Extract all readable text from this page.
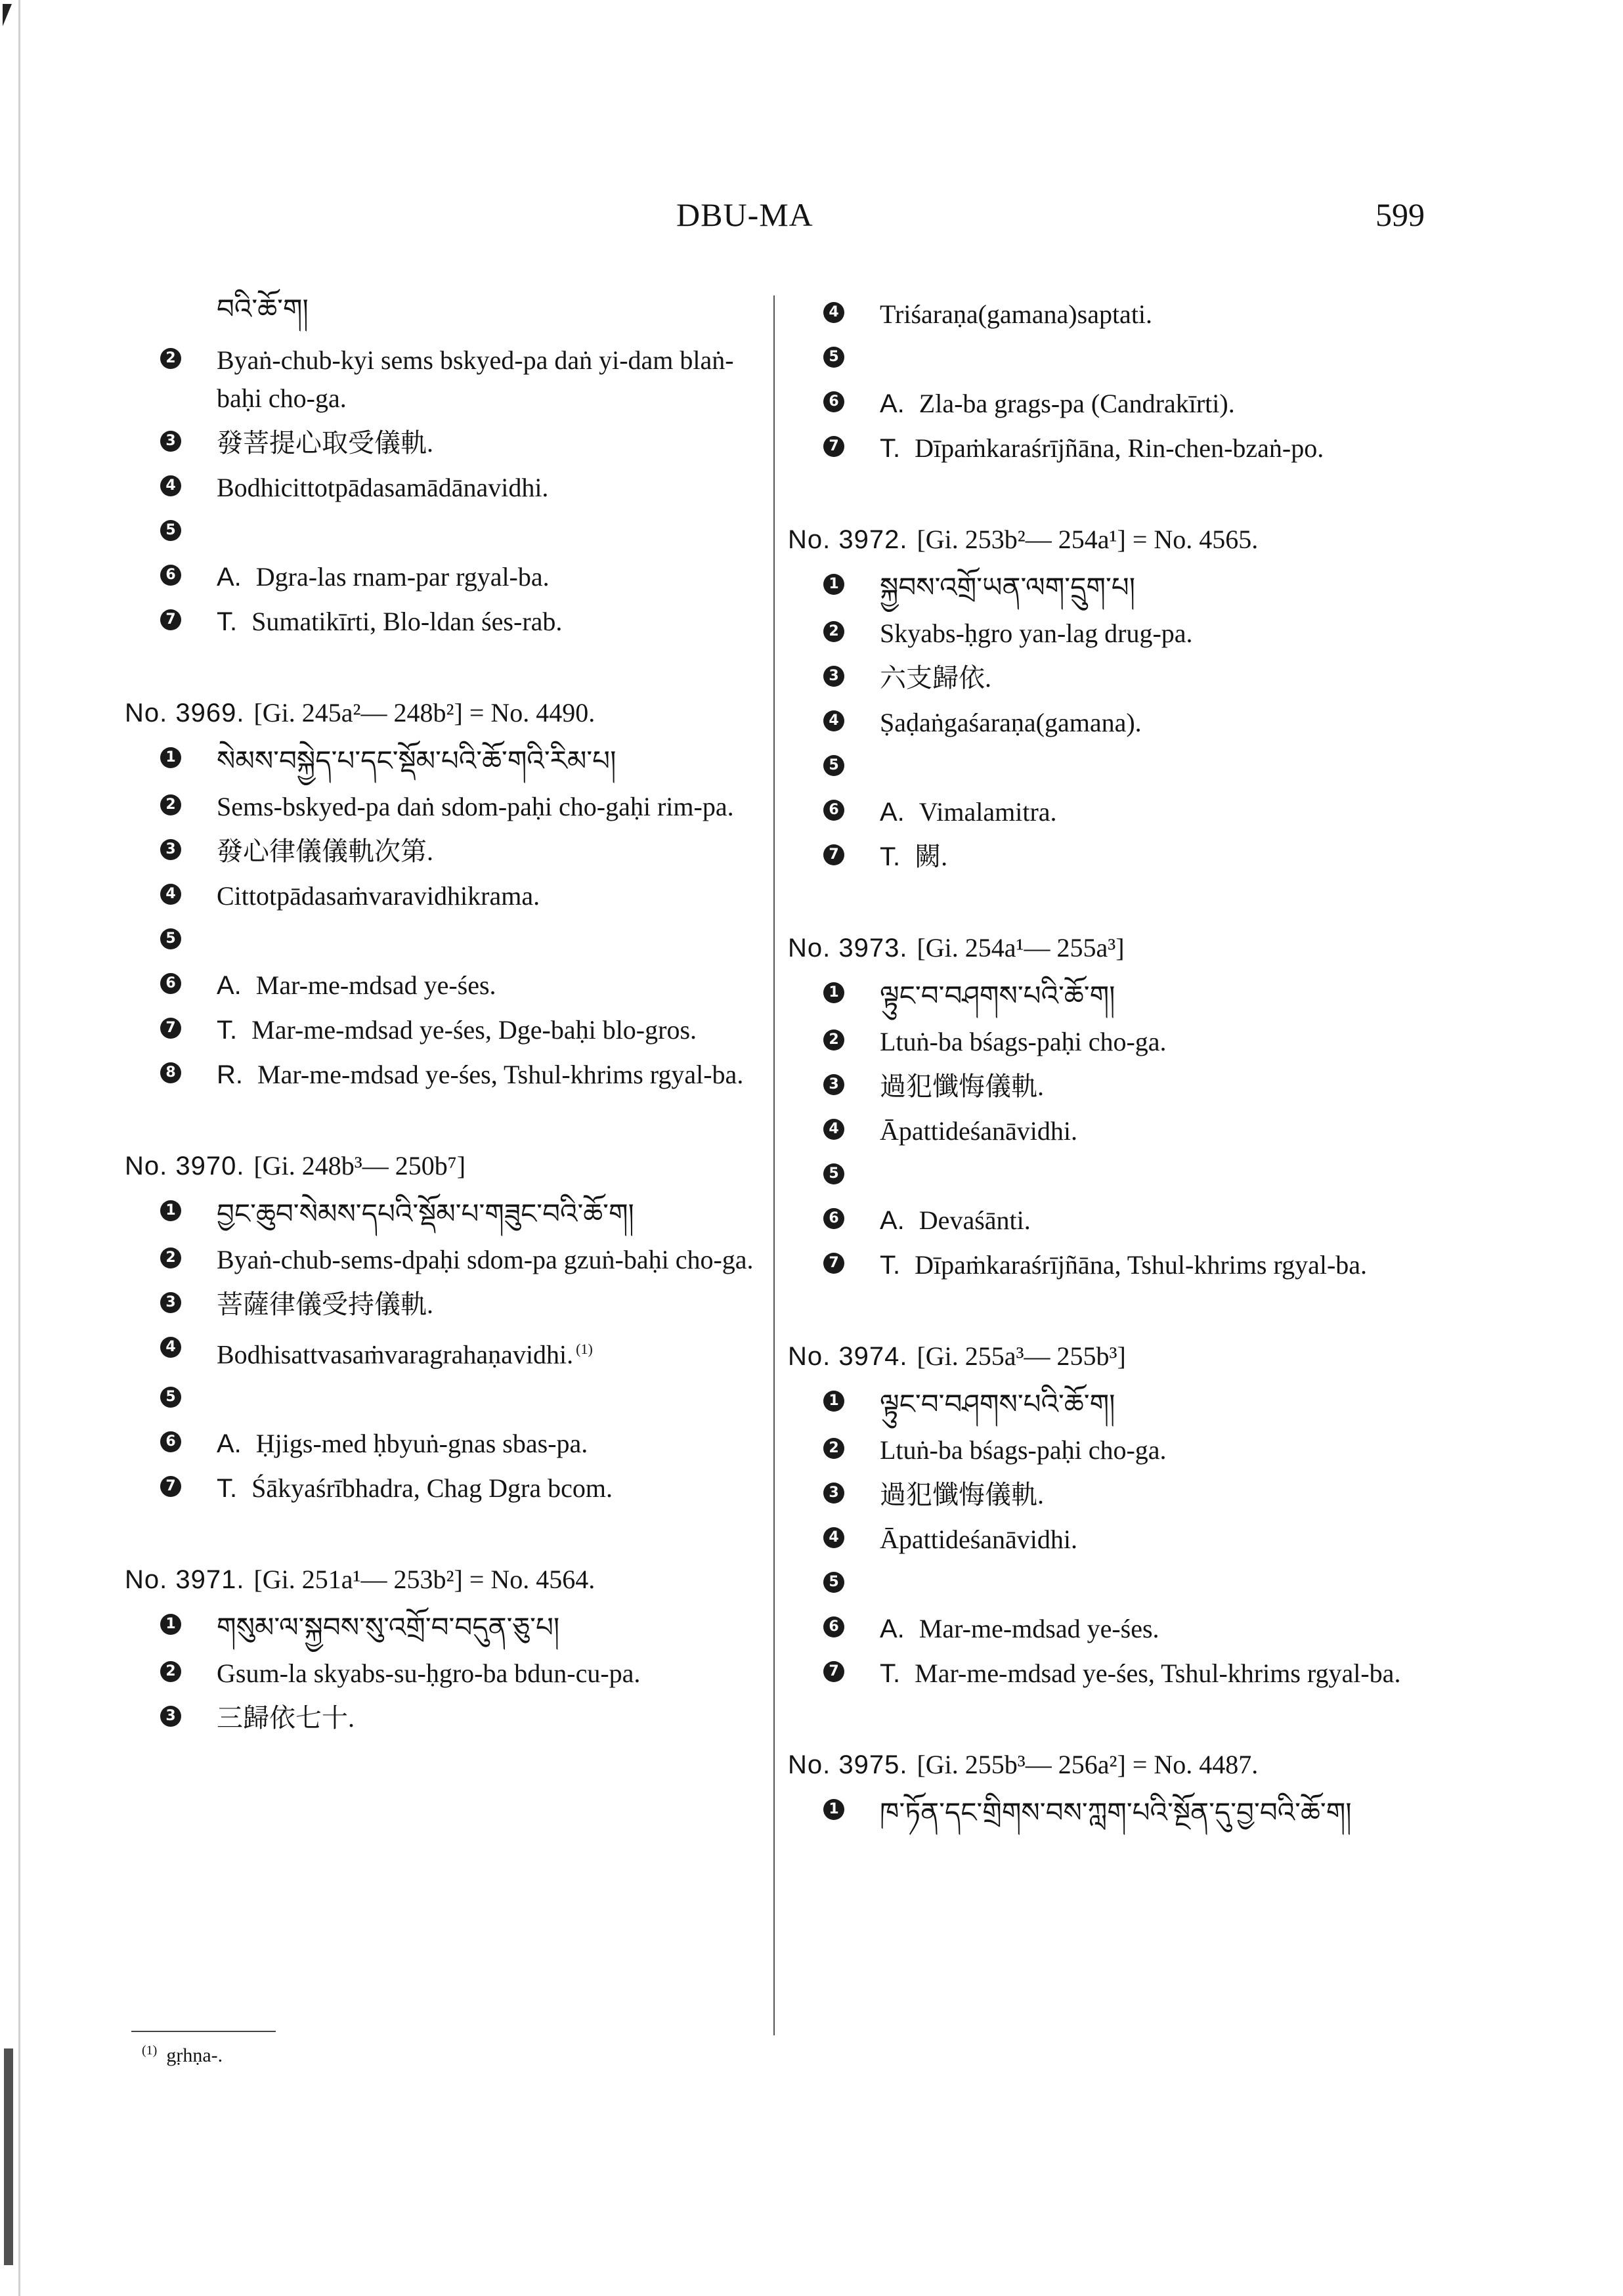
DBU-MA	599
བའི་ཆོ་ག།
2 Byaṅ-chub-kyi sems bskyed-pa daṅ yi-dam blaṅ-baḥi cho-ga.
3 發菩提心取受儀軌.
4 Bodhicittotpādasamādānavidhi.
5
6 A. Dgra-las rnam-par rgyal-ba.
7 T. Sumatikīrti, Blo-ldan śes-rab.
No. 3969. [Gi. 245a²— 248b²] = No. 4490.
1 སེམས་བསྐྱེད་པ་དང་སྡོམ་པའི་ཆོ་གའི་རིམ་པ།
2 Sems-bskyed-pa daṅ sdom-paḥi cho-gaḥi rim-pa.
3 發心律儀儀軌次第.
4 Cittotpādasaṁvaravidhikrama.
5
6 A. Mar-me-mdsad ye-śes.
7 T. Mar-me-mdsad ye-śes, Dge-baḥi blo-gros.
8 R. Mar-me-mdsad ye-śes, Tshul-khrims rgyal-ba.
No. 3970. [Gi. 248b³— 250b⁷]
1 བྱང་ཆུབ་སེམས་དཔའི་སྡོམ་པ་གཟུང་བའི་ཆོ་ག།
2 Byaṅ-chub-sems-dpaḥi sdom-pa gzuṅ-baḥi cho-ga.
3 菩薩律儀受持儀軌.
4 Bodhisattvasaṁvaragrahaṇavidhi. $^{(1)}$
5
6 A. Ḥjigs-med ḥbyuṅ-gnas sbas-pa.
7 T. Śākyaśrībhadra, Chag Dgra bcom.
No. 3971. [Gi. 251a¹— 253b²] = No. 4564.
1 གསུམ་ལ་སྐྱབས་སུ་འགྲོ་བ་བདུན་ཅུ་པ།
2 Gsum-la skyabs-su-ḥgro-ba bdun-cu-pa.
3 三歸依七十.
4 Triśaraṇa(gamana)saptati.
5
6 A. Zla-ba grags-pa (Candrakīrti).
7 T. Dīpaṁkaraśrījñāna, Rin-chen-bzaṅ-po.
No. 3972. [Gi. 253b²— 254a¹] = No. 4565.
1 སྐྱབས་འགྲོ་ཡན་ལག་དྲུག་པ།
2 Skyabs-ḥgro yan-lag drug-pa.
3 六支歸依.
4 Ṣaḍaṅgaśaraṇa(gamana).
5
6 A. Vimalamitra.
7 T. 闕.
No. 3973. [Gi. 254a¹— 255a³]
1 ལྟུང་བ་བཤགས་པའི་ཆོ་ག།
2 Ltuṅ-ba bśags-paḥi cho-ga.
3 過犯懺悔儀軌.
4 Āpattideśanāvidhi.
5
6 A. Devaśānti.
7 T. Dīpaṁkaraśrījñāna, Tshul-khrims rgyal-ba.
No. 3974. [Gi. 255a³— 255b³]
1 ལྟུང་བ་བཤགས་པའི་ཆོ་ག།
2 Ltuṅ-ba bśags-paḥi cho-ga.
3 過犯懺悔儀軌.
4 Āpattideśanāvidhi.
5
6 A. Mar-me-mdsad ye-śes.
7 T. Mar-me-mdsad ye-śes, Tshul-khrims rgyal-ba.
No. 3975. [Gi. 255b³— 256a²] = No. 4487.
1 ཁ་ཏོན་དང་གྲིགས་བས་ཀླག་པའི་སྔོན་དུ་བྱ་བའི་ཆོ་ག།
$^{(1)}$ gṛhṇa-.
